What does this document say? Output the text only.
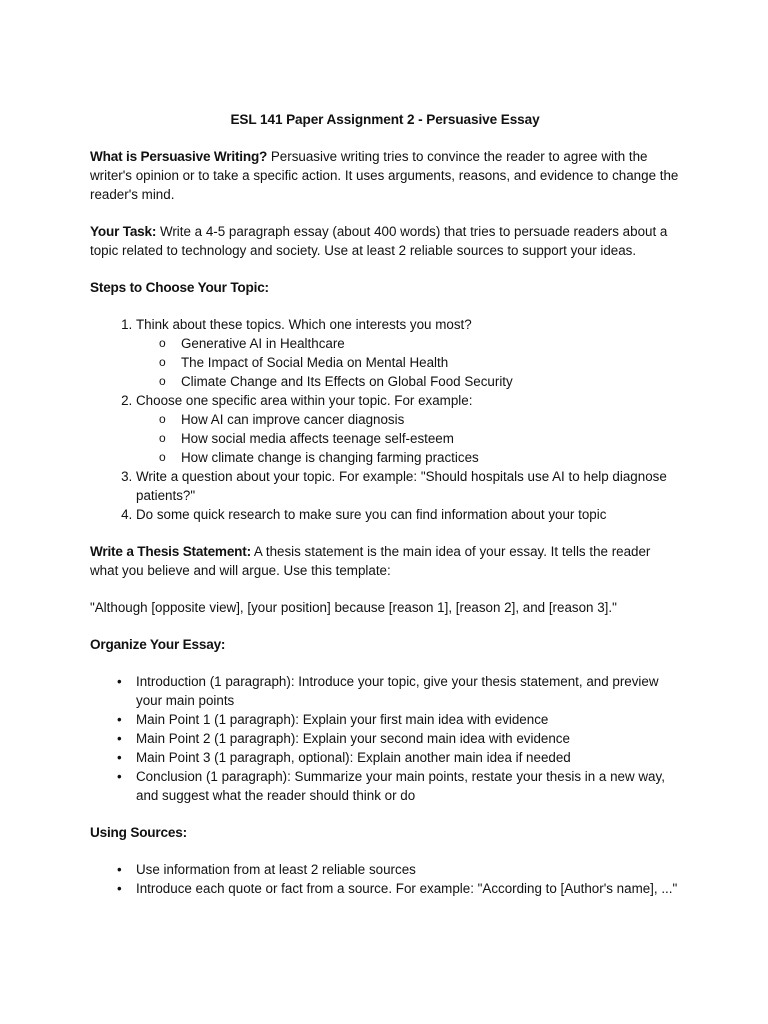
ESL 141 Paper Assignment 2 - Persuasive Essay

What is Persuasive Writing? Persuasive writing tries to convince the reader to agree with the writer's opinion or to take a specific action. It uses arguments, reasons, and evidence to change the reader's mind.

Your Task: Write a 4-5 paragraph essay (about 400 words) that tries to persuade readers about a topic related to technology and society. Use at least 2 reliable sources to support your ideas.

Steps to Choose Your Topic:
1. Think about these topics. Which one interests you most?
o Generative AI in Healthcare
o The Impact of Social Media on Mental Health
o Climate Change and Its Effects on Global Food Security
2. Choose one specific area within your topic. For example:
o How AI can improve cancer diagnosis
o How social media affects teenage self-esteem
o How climate change is changing farming practices
3. Write a question about your topic. For example: "Should hospitals use AI to help diagnose patients?"
4. Do some quick research to make sure you can find information about your topic

Write a Thesis Statement: A thesis statement is the main idea of your essay. It tells the reader what you believe and will argue. Use this template:

"Although [opposite view], [your position] because [reason 1], [reason 2], and [reason 3]."

Organize Your Essay:
• Introduction (1 paragraph): Introduce your topic, give your thesis statement, and preview your main points
• Main Point 1 (1 paragraph): Explain your first main idea with evidence
• Main Point 2 (1 paragraph): Explain your second main idea with evidence
• Main Point 3 (1 paragraph, optional): Explain another main idea if needed
• Conclusion (1 paragraph): Summarize your main points, restate your thesis in a new way, and suggest what the reader should think or do
Using Sources:
• Use information from at least 2 reliable sources
• Introduce each quote or fact from a source. For example: "According to [Author's name], ..."
